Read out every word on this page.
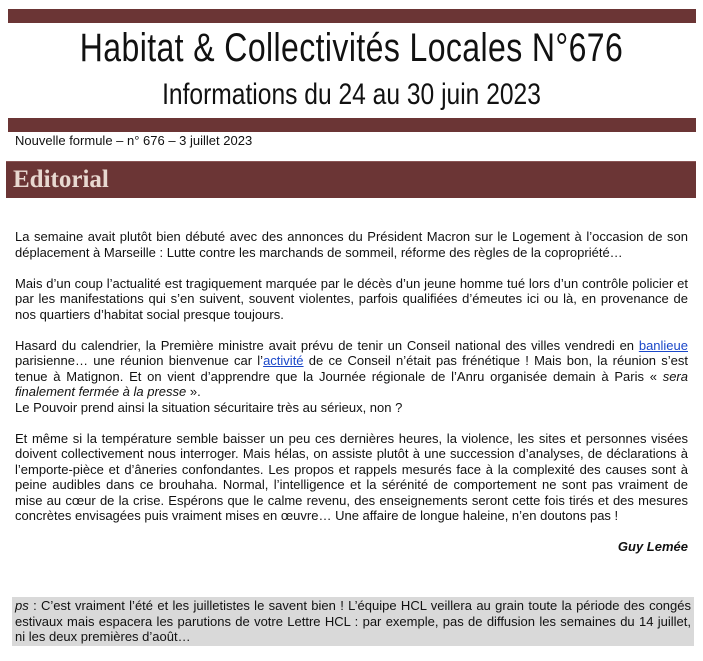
Habitat & Collectivités Locales N°676
Informations du 24 au 30 juin 2023
Nouvelle formule – n° 676 – 3 juillet 2023
Editorial

La semaine avait plutôt bien débuté avec des annonces du Président Macron sur le Logement à l’occasion de son déplacement à Marseille : Lutte contre les marchands de sommeil, réforme des règles de la copropriété…

Mais d’un coup l’actualité est tragiquement marquée par le décès d’un jeune homme tué lors d’un contrôle policier et par les manifestations qui s’en suivent, souvent violentes, parfois qualifiées d’émeutes ici ou là, en provenance de nos quartiers d’habitat social presque toujours.

Hasard du calendrier, la Première ministre avait prévu de tenir un Conseil national des villes vendredi en banlieue parisienne… une réunion bienvenue car l’activité de ce Conseil n’était pas frénétique ! Mais bon, la réunion s’est tenue à Matignon. Et on vient d’apprendre que la Journée régionale de l’Anru organisée demain à Paris « sera finalement fermée à la presse ».
Le Pouvoir prend ainsi la situation sécuritaire très au sérieux, non ?

Et même si la température semble baisser un peu ces dernières heures, la violence, les sites et personnes visées doivent collectivement nous interroger. Mais hélas, on assiste plutôt à une succession d’analyses, de déclarations à l’emporte-pièce et d’âneries confondantes. Les propos et rappels mesurés face à la complexité des causes sont à peine audibles dans ce brouhaha. Normal, l’intelligence et la sérénité de comportement ne sont pas vraiment de mise au cœur de la crise. Espérons que le calme revenu, des enseignements seront cette fois tirés et des mesures concrètes envisagées puis vraiment mises en œuvre… Une affaire de longue haleine, n’en doutons pas !

Guy Lemée
ps : C’est vraiment l’été et les juilletistes le savent bien ! L’équipe HCL veillera au grain toute la période des congés estivaux mais espacera les parutions de votre Lettre HCL : par exemple, pas de diffusion les semaines du 14 juillet, ni les deux premières d’août…
